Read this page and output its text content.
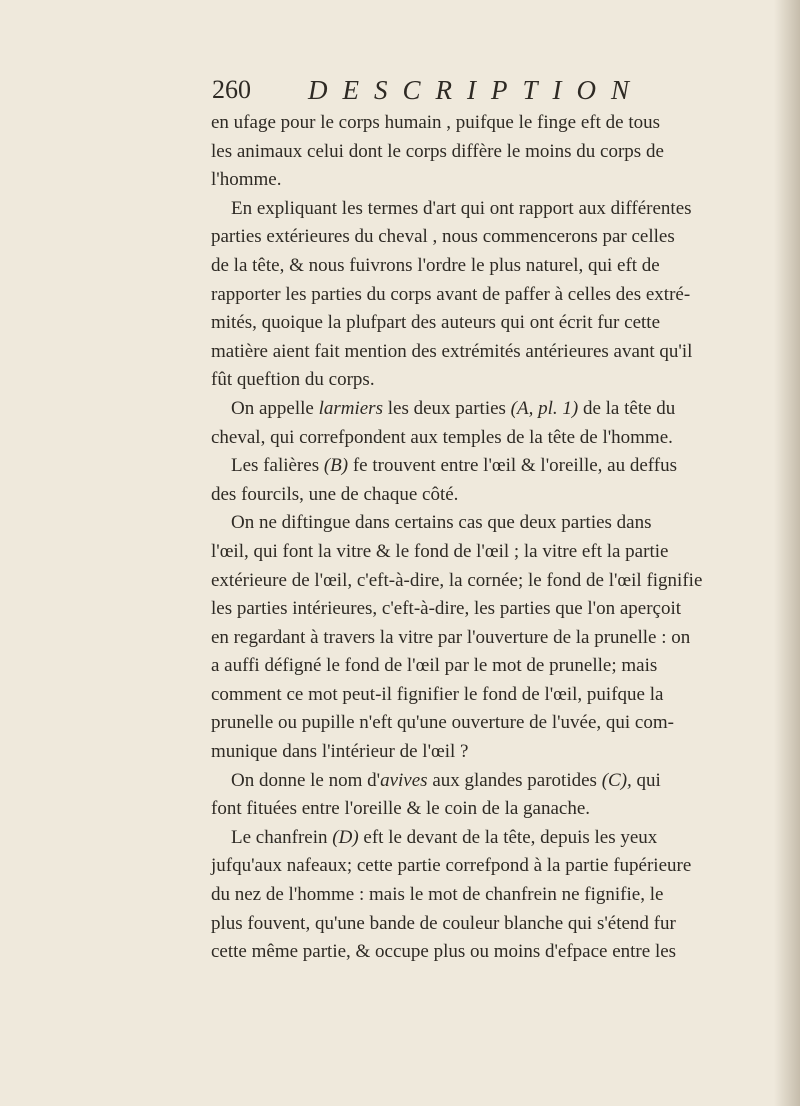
260 DESCRIPTION
en ufage pour le corps humain , puifque le finge eft de tous
les animaux celui dont le corps diffère le moins du corps de
l'homme.
En expliquant les termes d'art qui ont rapport aux différentes
parties extérieures du cheval , nous commencerons par celles
de la tête, & nous fuivrons l'ordre le plus naturel, qui eft de
rapporter les parties du corps avant de paffer à celles des extré-
mités, quoique la plufpart des auteurs qui ont écrit fur cette
matière aient fait mention des extrémités antérieures avant qu'il
fût queftion du corps.
On appelle larmiers les deux parties (A, pl. 1) de la tête du
cheval, qui correfpondent aux temples de la tête de l'homme.
Les falières (B) fe trouvent entre l'œil & l'oreille, au deffus
des fourcils, une de chaque côté.
On ne diftingue dans certains cas que deux parties dans
l'œil, qui font la vitre & le fond de l'œil ; la vitre eft la partie
extérieure de l'œil, c'eft-à-dire, la cornée; le fond de l'œil fignifie
les parties intérieures, c'eft-à-dire, les parties que l'on aperçoit
en regardant à travers la vitre par l'ouverture de la prunelle : on
a auffi défigné le fond de l'œil par le mot de prunelle; mais
comment ce mot peut-il fignifier le fond de l'œil, puifque la
prunelle ou pupille n'eft qu'une ouverture de l'uvée, qui com-
munique dans l'intérieur de l'œil ?
On donne le nom d'avives aux glandes parotides (C), qui
font fituées entre l'oreille & le coin de la ganache.
Le chanfrein (D) eft le devant de la tête, depuis les yeux
jufqu'aux nafeaux; cette partie correfpond à la partie fupérieure
du nez de l'homme : mais le mot de chanfrein ne fignifie, le
plus fouvent, qu'une bande de couleur blanche qui s'étend fur
cette même partie, & occupe plus ou moins d'efpace entre les
